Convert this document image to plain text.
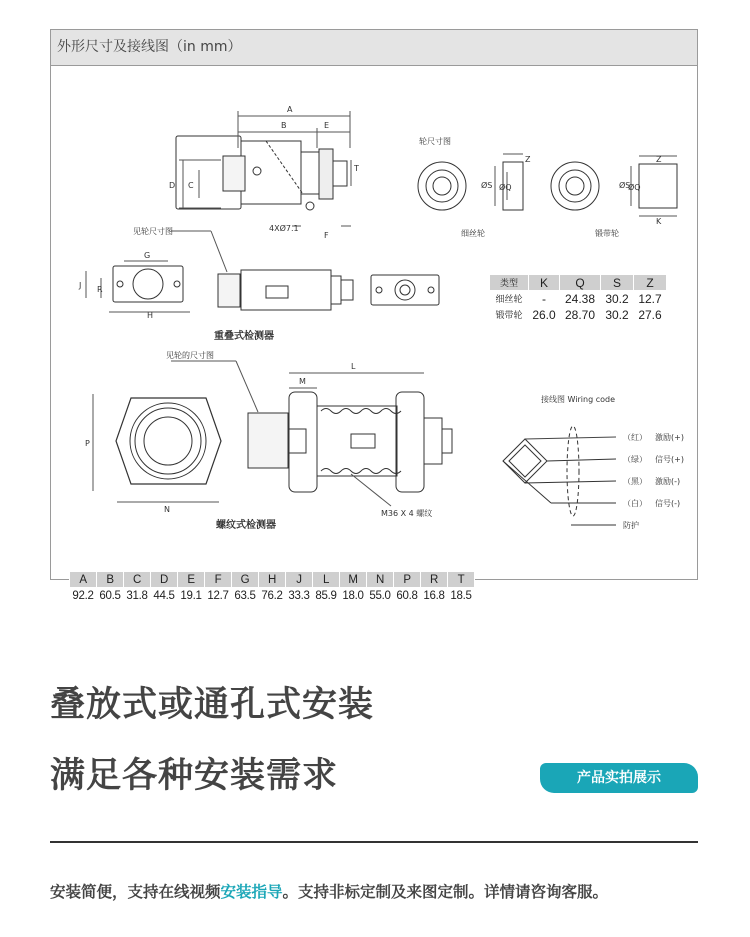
外形尺寸及接线图（in mm）
A
B	E
D C
T
F
4XØ7.1
见轮尺寸图
G
J R
H
轮尺寸图
Z
ØS ØQ
细丝轮
Z
ØS
ØQ
K
锻带轮
见轮的尺寸图
L
M
P
N	M36 X 4 螺纹
接线图 Wiring code
（红） 激励(+)
（绿） 信号(+)
（黑） 激励(-)
（白） 信号(-)
防护
重叠式检测器
螺纹式检测器
类型	K	Q	S	Z
细丝轮	-	24.38	30.2	12.7
锻带轮	26.0	28.70	30.2	27.6
A	B	C	D	E	F	G	H	J	L	M	N	P	R	T
92.2	60.5	31.8	44.5	19.1	12.7	63.5	76.2	33.3	85.9	18.0	55.0	60.8	16.8	18.5
叠放式或通孔式安装
满足各种安装需求	产品实拍展示
安装简便，支持在线视频安装指导。支持非标定制及来图定制。详情请咨询客服。
